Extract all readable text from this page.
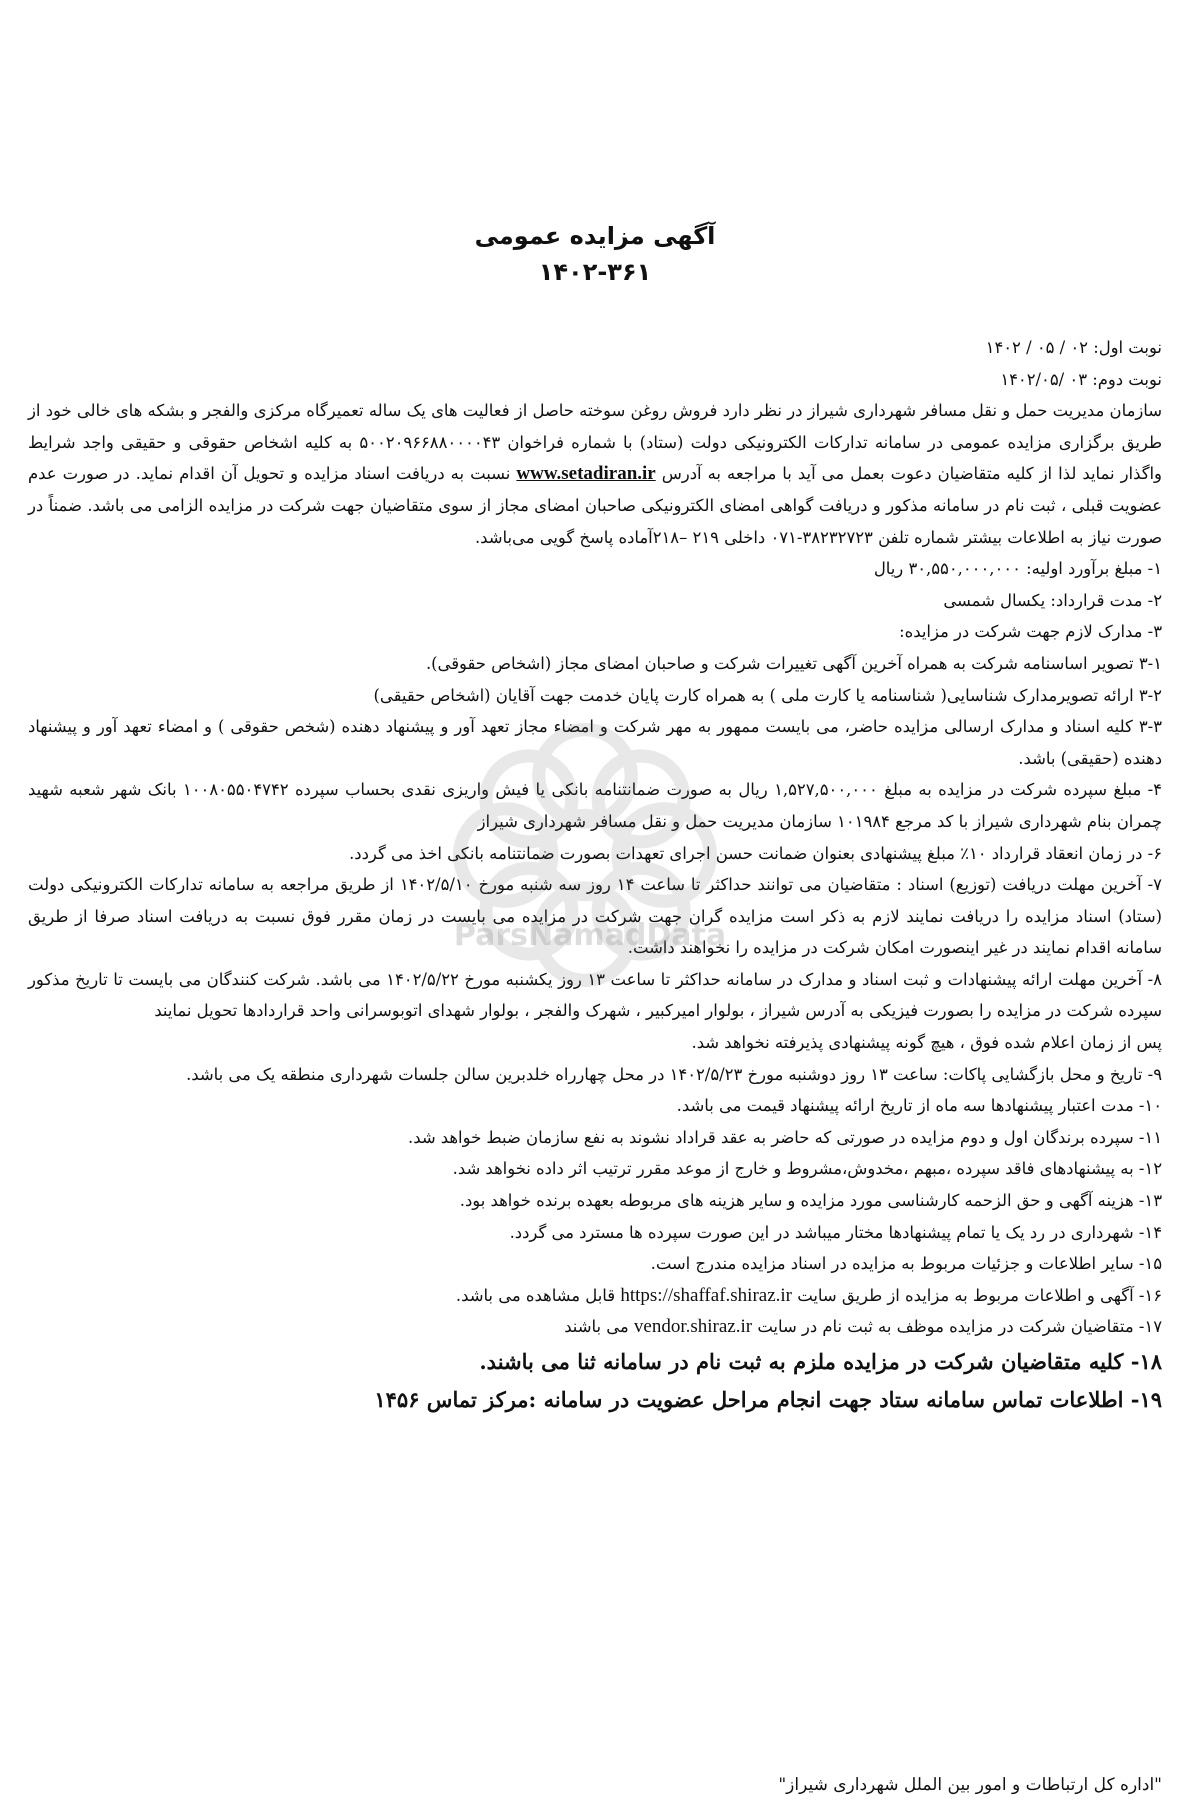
آگهی مزایده عمومی

۱۴۰۲-۳۶۱

نوبت اول: ۰۲ / ۰۵ / ۱۴۰۲

نوبت دوم: ۰۳ /۱۴۰۲/۰۵

سازمان مدیریت حمل و نقل مسافر شهرداری شیراز در نظر دارد فروش روغن سوخته حاصل از فعالیت های یک ساله تعمیرگاه مرکزی والفجر و بشکه های خالی خود از طریق برگزاری مزایده عمومی در سامانه تدارکات الکترونیکی دولت (ستاد) با شماره فراخوان ۵۰۰۲۰۹۶۶۸۸۰۰۰۰۴۳ به کلیه اشخاص حقوقی و حقیقی واجد شرایط واگذار نماید لذا از کلیه متقاضیان دعوت بعمل می آید با مراجعه به آدرس www.setadiran.ir نسبت به دریافت اسناد مزایده و تحویل آن اقدام نماید. در صورت عدم عضویت قبلی ، ثبت نام در سامانه مذکور و دریافت گواهی امضای الکترونیکی صاحبان امضای مجاز از سوی متقاضیان جهت شرکت در مزایده الزامی می باشد. ضمناً در صورت نیاز به اطلاعات بیشتر شماره تلفن ۳۸۲۳۲۷۲۳-۰۷۱ داخلی ۲۱۹ –۲۱۸آماده پاسخ گویی می‌باشد.

۱- مبلغ برآورد اولیه: ۳۰,۵۵۰,۰۰۰,۰۰۰ ریال

۲- مدت قرارداد: یکسال شمسی

۳- مدارک لازم جهت شرکت در مزایده:

۳-۱ تصویر اساسنامه شرکت به همراه آخرین آگهی تغییرات شرکت و صاحبان امضای مجاز (اشخاص حقوقی).

۳-۲ ارائه تصویرمدارک شناسایی( شناسنامه یا کارت ملی ) به همراه کارت پایان خدمت جهت آقایان (اشخاص حقیقی)

۳-۳ کلیه اسناد و مدارک ارسالی مزایده حاضر، می بایست ممهور به مهر شرکت و امضاء مجاز تعهد آور و پیشنهاد دهنده (شخص حقوقی ) و امضاء تعهد آور و پیشنهاد دهنده (حقیقی) باشد.

۴- مبلغ سپرده شرکت در مزایده به مبلغ ۱,۵۲۷,۵۰۰,۰۰۰ ریال به صورت ضمانتنامه بانکی یا فیش واریزی نقدی بحساب سپرده ۱۰۰۸۰۵۵۰۴۷۴۲ بانک شهر شعبه شهید چمران بنام شهرداری شیراز با کد مرجع ۱۰۱۹۸۴ سازمان مدیریت حمل و نقل مسافر شهرداری شیراز

۶- در زمان انعقاد قرارداد ۱۰٪ مبلغ پیشنهادی بعنوان ضمانت حسن اجرای تعهدات بصورت ضمانتنامه بانکی اخذ می گردد.

۷- آخرین مهلت دریافت (توزیع) اسناد : متقاضیان می توانند حداکثر تا ساعت ۱۴ روز سه شنبه مورخ ۱۴۰۲/۵/۱۰ از طریق مراجعه به سامانه تدارکات الکترونیکی دولت (ستاد) اسناد مزایده را دریافت نمایند لازم به ذکر است مزایده گران جهت شرکت در مزایده می بایست در زمان مقرر فوق نسبت به دریافت اسناد صرفا از طریق سامانه اقدام نمایند در غیر اینصورت امکان شرکت در مزایده را نخواهند داشت.

۸- آخرین مهلت ارائه پیشنهادات و ثبت اسناد و مدارک در سامانه حداکثر تا ساعت ۱۳ روز یکشنبه مورخ ۱۴۰۲/۵/۲۲ می باشد. شرکت کنندگان می بایست تا تاریخ مذکور سپرده شرکت در مزایده را بصورت فیزیکی به آدرس شیراز ، بولوار امیرکبیر ، شهرک والفجر ، بولوار شهدای اتوبوسرانی واحد قراردادها تحویل نمایند

پس از زمان اعلام شده فوق ، هیچ گونه پیشنهادی پذیرفته نخواهد شد.

۹- تاریخ و محل بازگشایی پاکات: ساعت ۱۳ روز دوشنبه مورخ ۱۴۰۲/۵/۲۳ در محل چهارراه خلدبرین سالن جلسات شهرداری منطقه یک می باشد.

۱۰- مدت اعتبار پیشنهادها سه ماه از تاریخ ارائه پیشنهاد قیمت می باشد.

۱۱- سپرده برندگان اول و دوم مزایده در صورتی که حاضر به عقد قراداد نشوند به نفع سازمان ضبط خواهد شد.

۱۲- به پیشنهادهای فاقد سپرده ،مبهم ،مخدوش،مشروط و خارج از موعد مقرر ترتیب اثر داده نخواهد شد.

۱۳- هزینه آگهی و حق الزحمه کارشناسی مورد مزایده و سایر هزینه های مربوطه بعهده برنده خواهد بود.

۱۴- شهرداری در رد یک یا تمام پیشنهادها مختار میباشد در این صورت سپرده ها مسترد می گردد.

۱۵- سایر اطلاعات و جزئیات مربوط به مزایده در اسناد مزایده مندرج است.

۱۶- آگهی و اطلاعات مربوط به مزایده از طریق سایت https://shaffaf.shiraz.ir قابل مشاهده می باشد.

۱۷- متقاضیان شرکت در مزایده موظف به ثبت نام در سایت vendor.shiraz.ir می باشند

۱۸- کلیه متقاضیان شرکت در مزایده ملزم به ثبت نام در سامانه ثنا می باشند.

۱۹- اطلاعات تماس سامانه ستاد جهت انجام مراحل عضویت در سامانه :مرکز تماس ۱۴۵۶

"اداره کل ارتباطات و امور بین الملل شهرداری شیراز"
ParsNamadData
